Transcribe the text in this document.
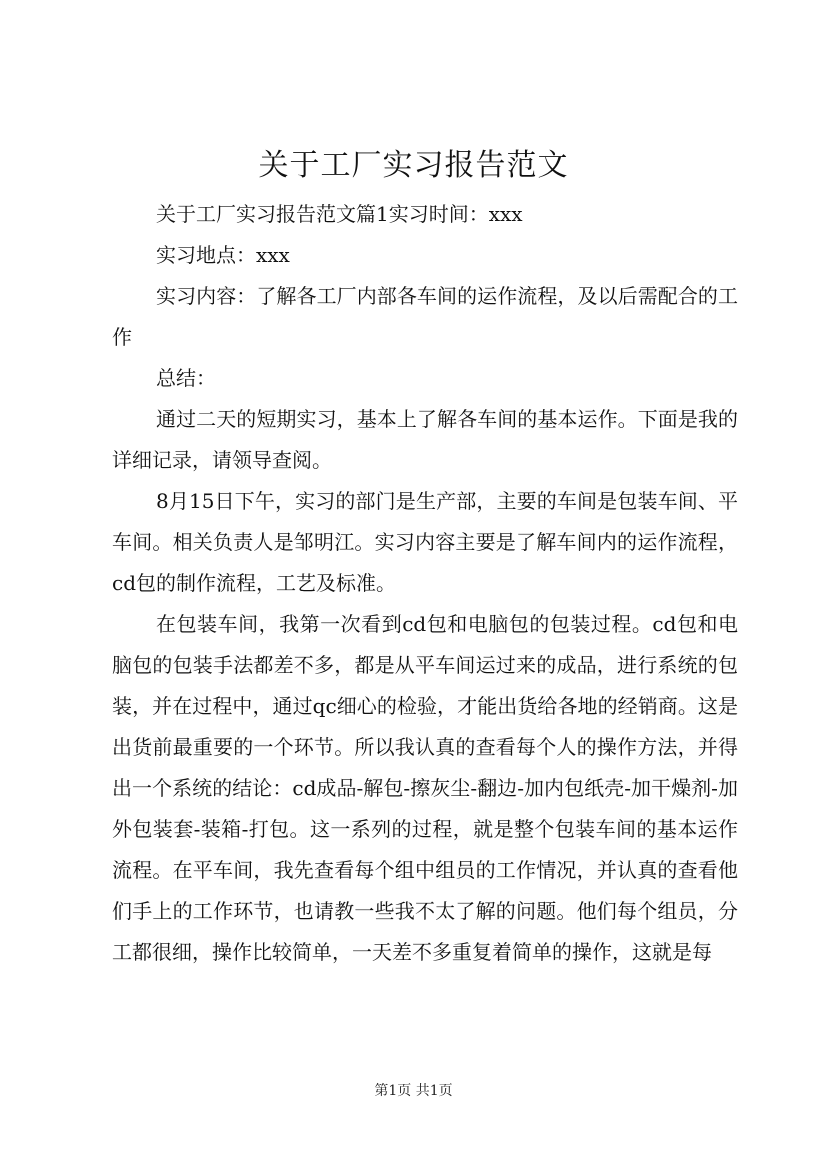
关于工厂实习报告范文

关于工厂实习报告范文篇1实习时间：xxx

实习地点：xxx

实习内容：了解各工厂内部各车间的运作流程，及以后需配合的工作

总结：

通过二天的短期实习，基本上了解各车间的基本运作。下面是我的详细记录，请领导查阅。

8月15日下午，实习的部门是生产部，主要的车间是包装车间、平车间。相关负责人是邹明江。实习内容主要是了解车间内的运作流程，cd包的制作流程，工艺及标准。

在包装车间，我第一次看到cd包和电脑包的包装过程。cd包和电脑包的包装手法都差不多，都是从平车间运过来的成品，进行系统的包装，并在过程中，通过qc细心的检验，才能出货给各地的经销商。这是出货前最重要的一个环节。所以我认真的查看每个人的操作方法，并得出一个系统的结论：cd成品-解包-擦灰尘-翻边-加内包纸壳-加干燥剂-加外包装套-装箱-打包。这一系列的过程，就是整个包装车间的基本运作流程。在平车间，我先查看每个组中组员的工作情况，并认真的查看他们手上的工作环节，也请教一些我不太了解的问题。他们每个组员，分工都很细，操作比较简单，一天差不多重复着简单的操作，这就是每

第1页 共1页
